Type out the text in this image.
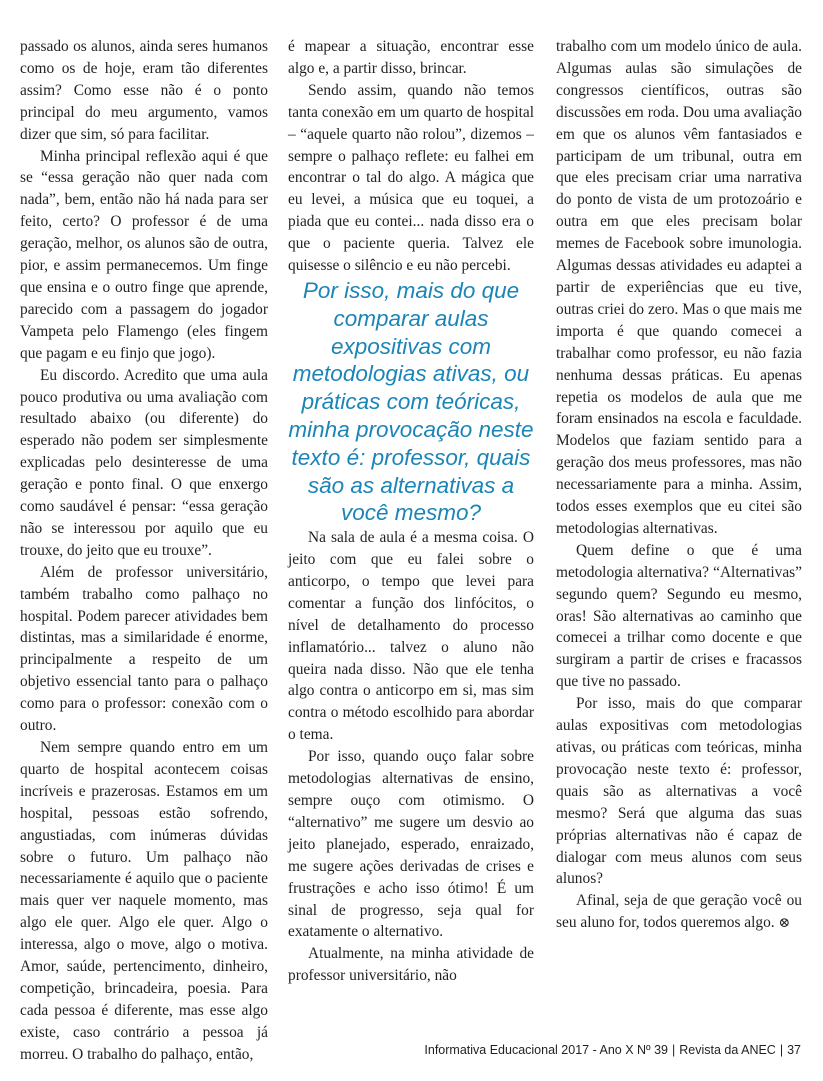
passado os alunos, ainda seres humanos como os de hoje, eram tão diferentes assim? Como esse não é o ponto principal do meu argumento, vamos dizer que sim, só para facilitar.

Minha principal reflexão aqui é que se “essa geração não quer nada com nada”, bem, então não há nada para ser feito, certo? O professor é de uma geração, melhor, os alunos são de outra, pior, e assim permanecemos. Um finge que ensina e o outro finge que aprende, parecido com a passagem do jogador Vampeta pelo Flamengo (eles fingem que pagam e eu finjo que jogo).

Eu discordo. Acredito que uma aula pouco produtiva ou uma avaliação com resultado abaixo (ou diferente) do esperado não podem ser simplesmente explicadas pelo desinteresse de uma geração e ponto final. O que enxergo como saudável é pensar: “essa geração não se interessou por aquilo que eu trouxe, do jeito que eu trouxe”.

Além de professor universitário, também trabalho como palhaço no hospital. Podem parecer atividades bem distintas, mas a similaridade é enorme, principalmente a respeito de um objetivo essencial tanto para o palhaço como para o professor: conexão com o outro.

Nem sempre quando entro em um quarto de hospital acontecem coisas incríveis e prazerosas. Estamos em um hospital, pessoas estão sofrendo, angustiadas, com inúmeras dúvidas sobre o futuro. Um palhaço não necessariamente é aquilo que o paciente mais quer ver naquele momento, mas algo ele quer. Algo ele quer. Algo o interessa, algo o move, algo o motiva. Amor, saúde, pertencimento, dinheiro, competição, brincadeira, poesia. Para cada pessoa é diferente, mas esse algo existe, caso contrário a pessoa já morreu. O trabalho do palhaço, então,

é mapear a situação, encontrar esse algo e, a partir disso, brincar.

Sendo assim, quando não temos tanta conexão em um quarto de hospital – “aquele quarto não rolou”, dizemos – sempre o palhaço reflete: eu falhei em encontrar o tal do algo. A mágica que eu levei, a música que eu toquei, a piada que eu contei... nada disso era o que o paciente queria. Talvez ele quisesse o silêncio e eu não percebi.

Por isso, mais do que comparar aulas expositivas com metodologias ativas, ou práticas com teóricas, minha provocação neste texto é: professor, quais são as alternativas a você mesmo?

Na sala de aula é a mesma coisa. O jeito com que eu falei sobre o anticorpo, o tempo que levei para comentar a função dos linfócitos, o nível de detalhamento do processo inflamatório... talvez o aluno não queira nada disso. Não que ele tenha algo contra o anticorpo em si, mas sim contra o método escolhido para abordar o tema.

Por isso, quando ouço falar sobre metodologias alternativas de ensino, sempre ouço com otimismo. O “alternativo” me sugere um desvio ao jeito planejado, esperado, enraizado, me sugere ações derivadas de crises e frustrações e acho isso ótimo! É um sinal de progresso, seja qual for exatamente o alternativo.

Atualmente, na minha atividade de professor universitário, não

trabalho com um modelo único de aula. Algumas aulas são simulações de congressos científicos, outras são discussões em roda. Dou uma avaliação em que os alunos vêm fantasiados e participam de um tribunal, outra em que eles precisam criar uma narrativa do ponto de vista de um protozoário e outra em que eles precisam bolar memes de Facebook sobre imunologia. Algumas dessas atividades eu adaptei a partir de experiências que eu tive, outras criei do zero. Mas o que mais me importa é que quando comecei a trabalhar como professor, eu não fazia nenhuma dessas práticas. Eu apenas repetia os modelos de aula que me foram ensinados na escola e faculdade. Modelos que faziam sentido para a geração dos meus professores, mas não necessariamente para a minha. Assim, todos esses exemplos que eu citei são metodologias alternativas.

Quem define o que é uma metodologia alternativa? “Alternativas” segundo quem? Segundo eu mesmo, oras! São alternativas ao caminho que comecei a trilhar como docente e que surgiram a partir de crises e fracassos que tive no passado.

Por isso, mais do que comparar aulas expositivas com metodologias ativas, ou práticas com teóricas, minha provocação neste texto é: professor, quais são as alternativas a você mesmo? Será que alguma das suas próprias alternativas não é capaz de dialogar com meus alunos com seus alunos?

Afinal, seja de que geração você ou seu aluno for, todos queremos algo. ⊗

Informativa Educacional 2017 - Ano X Nº 39 | Revista da ANEC | 37
